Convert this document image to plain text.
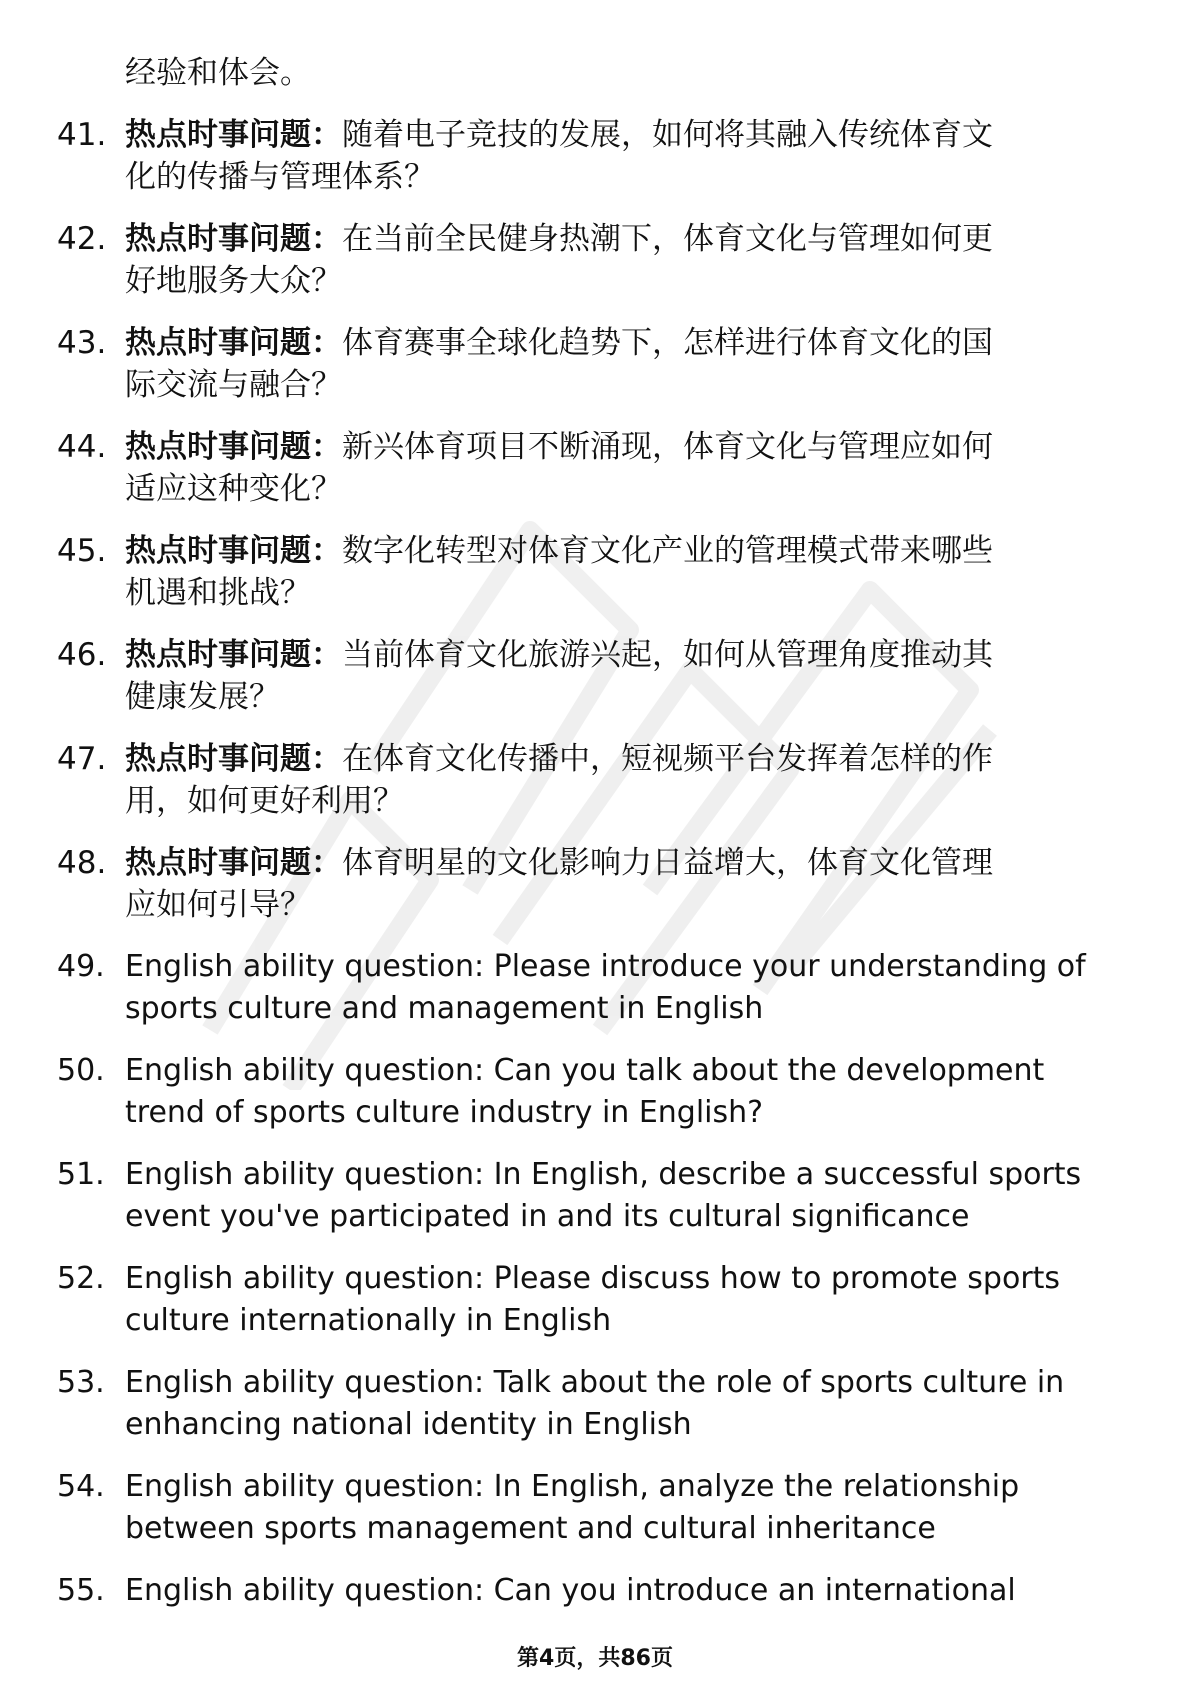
经验和体会。
41. 热点时事问题：随着电子竞技的发展，如何将其融入传统体育文
化的传播与管理体系？
42. 热点时事问题：在当前全民健身热潮下，体育文化与管理如何更
好地服务大众？
43. 热点时事问题：体育赛事全球化趋势下，怎样进行体育文化的国
际交流与融合？
44. 热点时事问题：新兴体育项目不断涌现，体育文化与管理应如何
适应这种变化？
45. 热点时事问题：数字化转型对体育文化产业的管理模式带来哪些
机遇和挑战？
46. 热点时事问题：当前体育文化旅游兴起，如何从管理角度推动其
健康发展？
47. 热点时事问题：在体育文化传播中，短视频平台发挥着怎样的作
用，如何更好利用？
48. 热点时事问题：体育明星的文化影响力日益增大，体育文化管理
应如何引导？
49. English ability question: Please introduce your understanding of
sports culture and management in English
50. English ability question: Can you talk about the development
trend of sports culture industry in English?
51. English ability question: In English, describe a successful sports
event you've participated in and its cultural significance
52. English ability question: Please discuss how to promote sports
culture internationally in English
53. English ability question: Talk about the role of sports culture in
enhancing national identity in English
54. English ability question: In English, analyze the relationship
between sports management and cultural inheritance
55. English ability question: Can you introduce an international
第4页，共86页
